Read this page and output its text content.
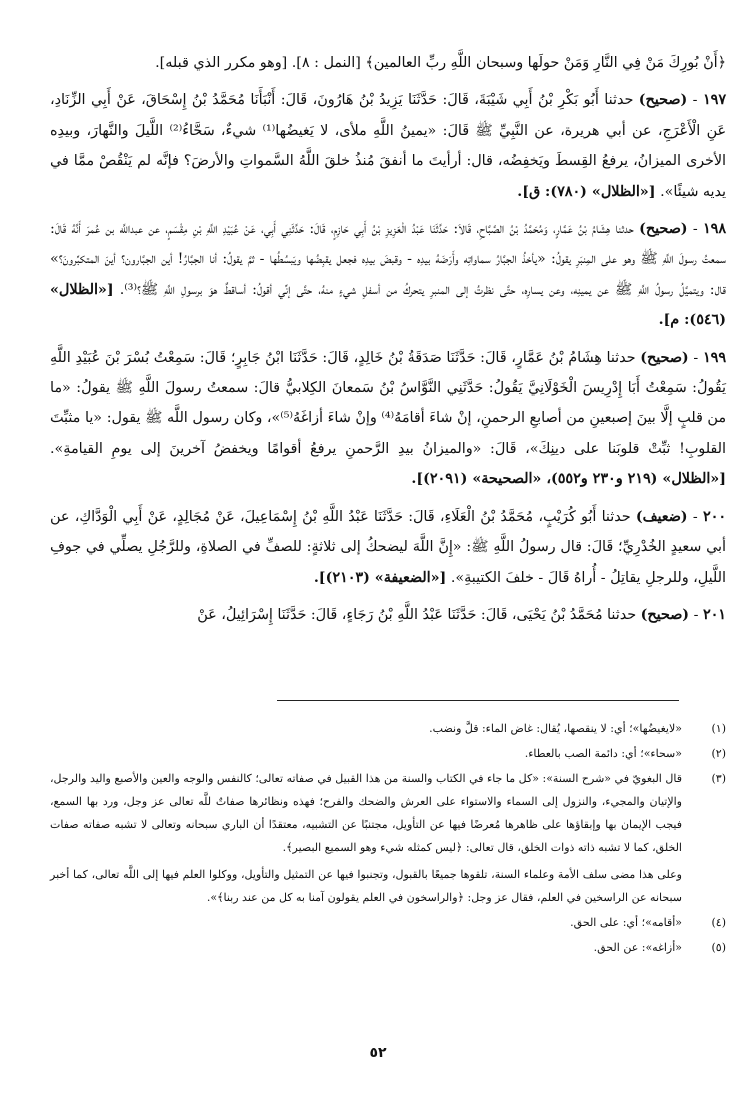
﴿أَنْ بُورِكَ مَنْ فِي النَّارِ وَمَنْ حولَها وسبحان اللَّهِ ربِّ العالمين﴾ [النمل : ٨]. [وهو مكرر الذي قبله].

١٩٧ - (صحيح) حدثنا أَبُو بَكْرِ بْنُ أَبِي شَيْبَةَ، قَالَ: حَدَّثَنَا يَزِيدُ بْنُ هَارُونَ، قَالَ: أَنْبَأَنَا مُحَمَّدُ بْنُ إِسْحَاقَ، عَنْ أَبِي الزِّنَادِ، عَنِ الْأَعْرَجِ، عن أبي هريرة، عن النَّبِيِّ ﷺ قَالَ: «يمينُ اللَّهِ ملأى، لا يَغيضُها⁽¹⁾ شيءٌ، سَحَّاءُ⁽²⁾ اللَّيلَ والنَّهارَ، وبيدِه الأخرى الميزانُ، يرفعُ القِسطَ ويَخفِضُه، قال: أرأيتَ ما أنفقَ مُنذُ خلقَ اللَّهُ السَّمواتِ والأرضَ؟ فإنَّه لم يَنْقُصْ ممَّا في يديه شيئًا». [«الظلال» (٧٨٠): ق].

١٩٨ - (صحيح) حدثنا هِشَامُ بْنُ عَمَّارٍ، وَمُحَمَّدُ بْنُ الصَّبَّاحِ، قَالاَ: حَدَّثَنَا عَبْدُ الْعَزِيزِ بْنُ أَبِي حَازِمٍ، قَالَ: حَدَّثَنِي أَبِي، عَنْ عُبَيْدِ اللَّهِ بْنِ مِقْسَمٍ، عن عبداللَّه بن عُمرَ أَنَّهُ قَالَ: سمعتُ رسولَ اللَّهِ ﷺ وهو على المِنبَرِ يقولُ: «يأخذُ الجبَّارُ سماواتِه وأَرَضَهُ بيدِه - وقبضَ بيدِه فجعل يقبِضُها ويَبسُطُها - ثمَّ يقولُ: أنا الجبَّارُ! أين الجبَّارون؟ أينَ المتكبِّرونَ؟» قال: ويتميَّلُ رسولُ اللَّهِ ﷺ عن يمينِه، وعن يسارِه، حتَّى نظرتُ إلى المنبرِ يتحركُ من أسفلِ شيءٍ منهُ، حتَّى إنِّي أقولُ: أساقطٌ هوَ برسولِ اللَّهِ ﷺ؟⁽³⁾. [«الظلال» (٥٤٦): م].

١٩٩ - (صحيح) حدثنا هِشَامُ بْنُ عَمَّارٍ، قَالَ: حَدَّثَنَا صَدَقَةُ بْنُ خَالِدٍ، قَالَ: حَدَّثَنَا ابْنُ جَابِرٍ؛ قَالَ: سَمِعْتُ بُسْرَ بْنَ عُبَيْدِ اللَّهِ يَقُولُ: سَمِعْتُ أَبَا إِدْرِيسَ الْخَوْلَانِيَّ يَقُولُ: حَدَّثَنِي النَّوَّاسُ بْنُ سَمعانَ الكِلابيُّ قالَ: سمعتُ رسولَ اللَّهِ ﷺ يقولُ: «ما من قلبٍ إلَّا بينَ إصبعينِ من أصابعِ الرحمنِ، إنْ شاءَ أقامَهُ⁽⁴⁾ وإنْ شاءَ أزاغَهُ⁽⁵⁾»، وكان رسول اللَّه ﷺ يقول: «يا مثبِّتَ القلوبِ! ثبِّتْ قلوبَنا على دينِكَ»، قَالَ: «والميزانُ بيدِ الرَّحمنِ يرفعُ أقوامًا ويخفضُ آخرينَ إلى يومِ القيامةِ». [«الظلال» (٢١٩ و٢٣٠ و٥٥٢)، «الصحيحة» (٢٠٩١)].

٢٠٠ - (ضعيف) حدثنا أَبُو كُرَيْبٍ، مُحَمَّدُ بْنُ الْعَلَاءِ، قَالَ: حَدَّثَنَا عَبْدُ اللَّهِ بْنُ إِسْمَاعِيلَ، عَنْ مُجَالِدٍ، عَنْ أَبِي الْوَدَّاكِ، عن أبي سعيدٍ الخُدْرِيِّ؛ قَالَ: قال رسولُ اللَّهِ ﷺ: «إِنَّ اللَّهَ ليضحكُ إلى ثلاثةٍ: للصفِّ في الصلاةِ، وللرَّجُلِ يصلِّي في جوفِ اللَّيلِ، وللرجلِ يقاتِلُ - أُراهُ قَالَ - خلفَ الكتيبةِ». [«الضعيفة» (٢١٠٣)].

٢٠١ - (صحيح) حدثنا مُحَمَّدُ بْنُ يَحْيَى، قَالَ: حَدَّثَنَا عَبْدُ اللَّهِ بْنُ رَجَاءٍ، قَالَ: حَدَّثَنَا إِسْرَائِيلُ، عَنْ

(١)
«لايغيضُها»؛ أي: لا ينقصها، يُقال: غاض الماء: قلَّ ونضب.
(٢)
«سحاء»؛ أي: دائمة الصب بالعطاء.
(٣)
قال البغويّ في «شرح السنة»: «كل ما جاء في الكتاب والسنة من هذا القبيل في صفاته تعالى؛ كالنفس والوجه والعين والأصبع واليد والرجل، والإتيان والمجيء، والنزول إلى السماء والاستواء على العرش والضحك والفرح؛ فهذه ونظائرها صفاتٌ للَّه تعالى عز وجل، ورد بها السمع، فيجب الإيمان بها وإبقاؤها على ظاهرها مُعرضًا فيها عن التأويل، مجتنبًا عن التشبيه، معتقدًا أن الباري سبحانه وتعالى لا تشبه صفاته صفات الخلق، كما لا تشبه ذاته ذوات الخلق، قال تعالى: ﴿ليس كمثله شيء وهو السميع البصير﴾.
وعلى هذا مضى سلف الأمة وعلماء السنة، تلقوها جميعًا بالقبول، وتجنبوا فيها عن التمثيل والتأويل، ووكلوا العلم فيها إلى اللَّه تعالى، كما أخبر سبحانه عن الراسخين في العلم، فقال عز وجل: ﴿والراسخون في العلم يقولون آمنا به كل من عند ربنا﴾».
(٤)
«أقامه»؛ أي: على الحق.
(٥)
«أزاغه»: عن الحق.
٥٢
